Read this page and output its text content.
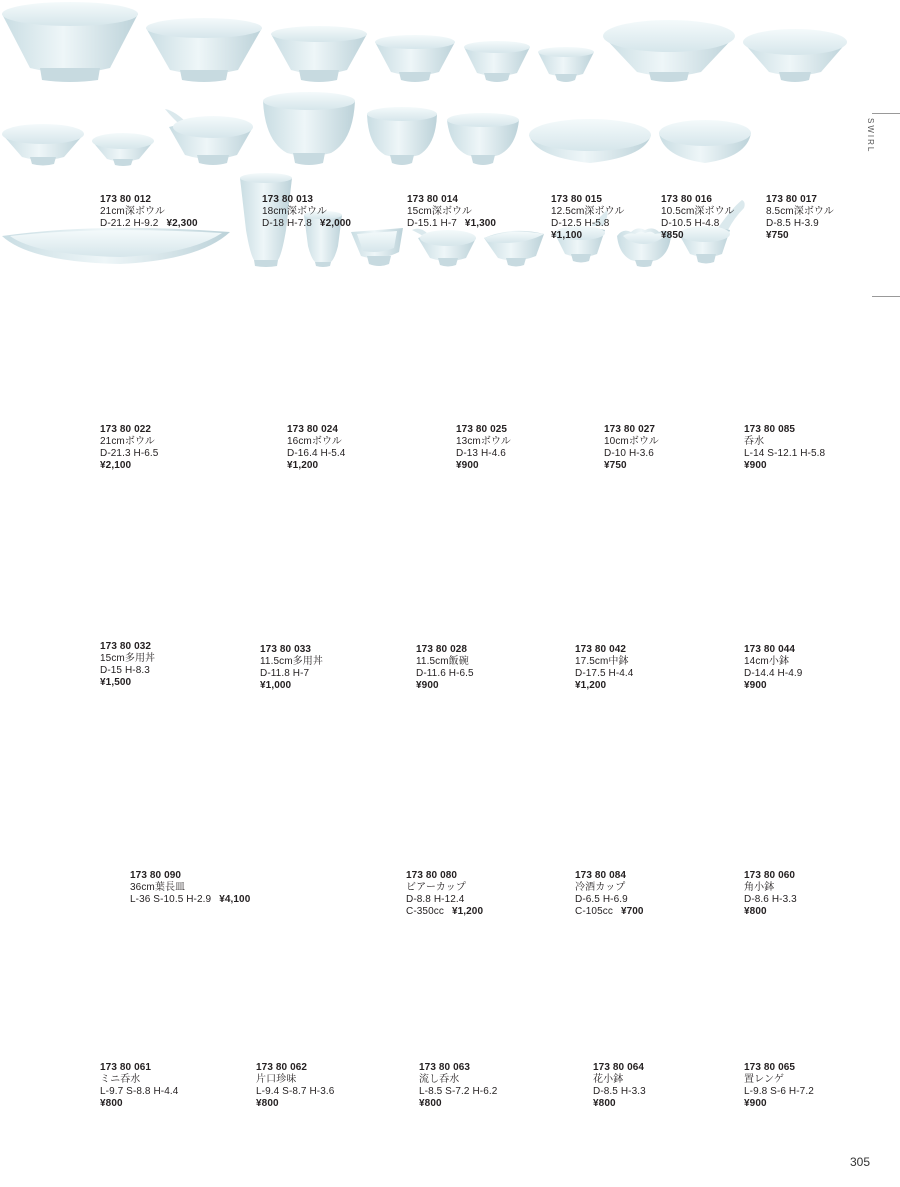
SWIRL

173 80 012
21cm深ボウル
D-21.2 H-9.2 ¥2,300

173 80 013
18cm深ボウル
D-18 H-7.8 ¥2,000

173 80 014
15cm深ボウル
D-15.1 H-7 ¥1,300

173 80 015
12.5cm深ボウル
D-12.5 H-5.8
¥1,100

173 80 016
10.5cm深ボウル
D-10.5 H-4.8
¥850

173 80 017
8.5cm深ボウル
D-8.5 H-3.9
¥750

173 80 022
21cmボウル
D-21.3 H-6.5
¥2,100

173 80 024
16cmボウル
D-16.4 H-5.4
¥1,200

173 80 025
13cmボウル
D-13 H-4.6
¥900

173 80 027
10cmボウル
D-10 H-3.6
¥750

173 80 085
呑水
L-14 S-12.1 H-5.8
¥900

173 80 032
15cm多用丼
D-15 H-8.3
¥1,500

173 80 033
11.5cm多用丼
D-11.8 H-7
¥1,000

173 80 028
11.5cm飯碗
D-11.6 H-6.5
¥900

173 80 042
17.5cm中鉢
D-17.5 H-4.4
¥1,200

173 80 044
14cm小鉢
D-14.4 H-4.9
¥900

173 80 090
36cm葉長皿
L-36 S-10.5 H-2.9 ¥4,100

173 80 080
ビアーカップ
D-8.8 H-12.4
C-350cc ¥1,200

173 80 084
冷酒カップ
D-6.5 H-6.9
C-105cc ¥700

173 80 060
角小鉢
D-8.6 H-3.3
¥800

173 80 061
ミニ呑水
L-9.7 S-8.8 H-4.4
¥800

173 80 062
片口珍味
L-9.4 S-8.7 H-3.6
¥800

173 80 063
流し呑水
L-8.5 S-7.2 H-6.2
¥800

173 80 064
花小鉢
D-8.5 H-3.3
¥800
173 80 065
置レンゲ
L-9.8 S-6 H-7.2
¥900
305
